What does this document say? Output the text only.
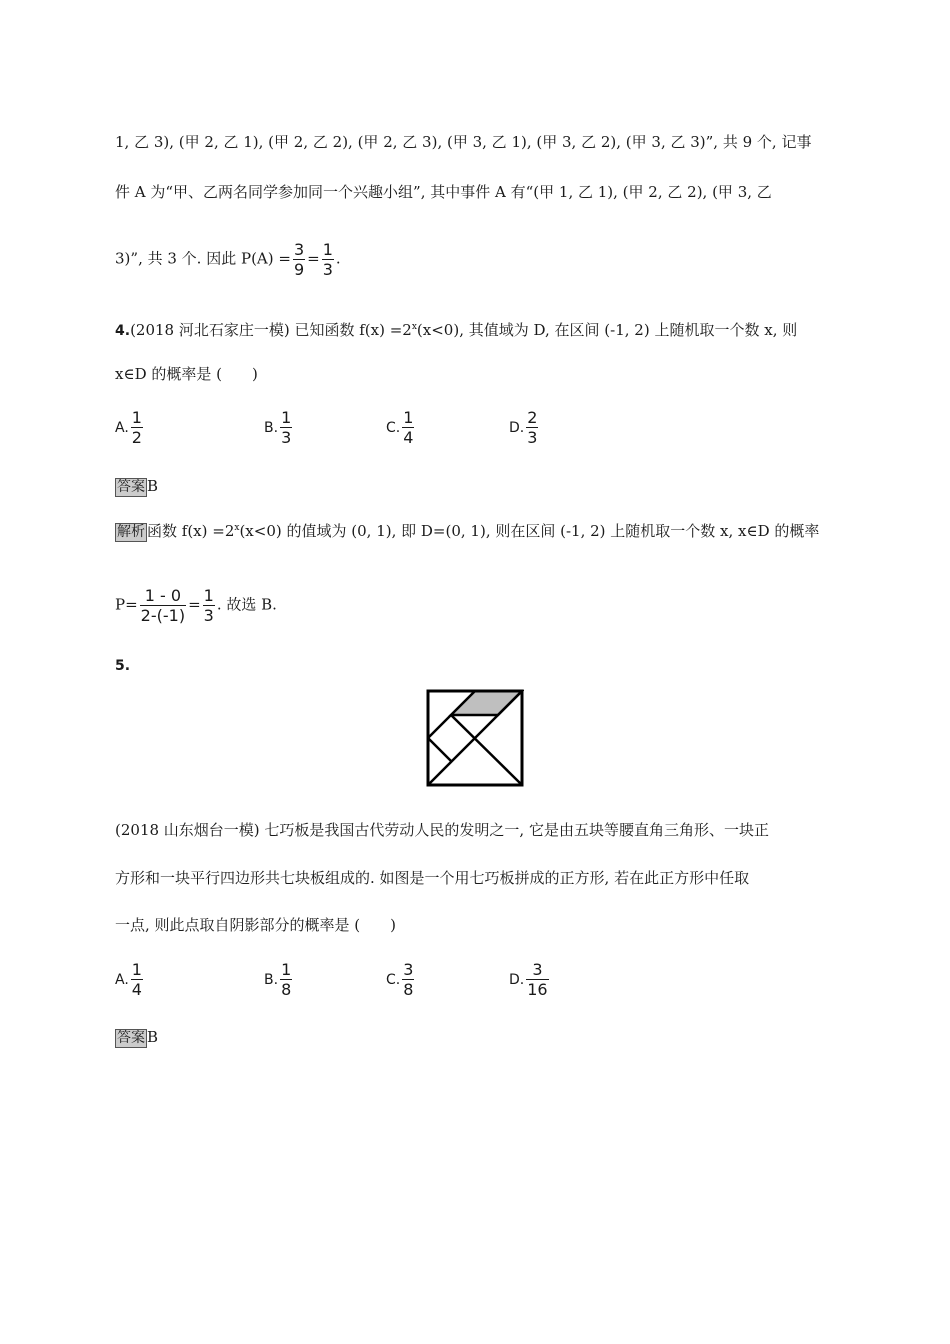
1, 乙 3), (甲 2, 乙 1), (甲 2, 乙 2), (甲 2, 乙 3), (甲 3, 乙 1), (甲 3, 乙 2), (甲 3, 乙 3)”, 共 9 个, 记事
件 A 为“甲、乙两名同学参加同一个兴趣小组”, 其中事件 A 有“(甲 1, 乙 1), (甲 2, 乙 2), (甲 3, 乙
3)”, 共 3 个. 因此 $P(A) = \frac{3}{9} = \frac{1}{3}$ .
4.(2018 河北石家庄一模) 已知函数 $f(x) =2^x(x<0)$, 其值域为 D, 在区间 (-1, 2) 上随机取一个数 x, 则
x∈D 的概率是 (　　)
A. $\frac{1}{2}$	B. $\frac{1}{3}$	C. $\frac{1}{4}$	D. $\frac{2}{3}$
答案 B
解析 函数 $f(x) =2^x(x<0)$ 的值域为 (0, 1), 即 D=(0, 1), 则在区间 (-1, 2) 上随机取一个数 x, x∈D 的概率
$P= \frac{1 - 0}{2-(-1)} = \frac{1}{3}$ . 故选 B.
5.
(2018 山东烟台一模) 七巧板是我国古代劳动人民的发明之一, 它是由五块等腰直角三角形、一块正
方形和一块平行四边形共七块板组成的. 如图是一个用七巧板拼成的正方形, 若在此正方形中任取
一点, 则此点取自阴影部分的概率是 (　　)
A. $\frac{1}{4}$	B. $\frac{1}{8}$	C. $\frac{3}{8}$	D. $\frac{3}{16}$
答案 B
